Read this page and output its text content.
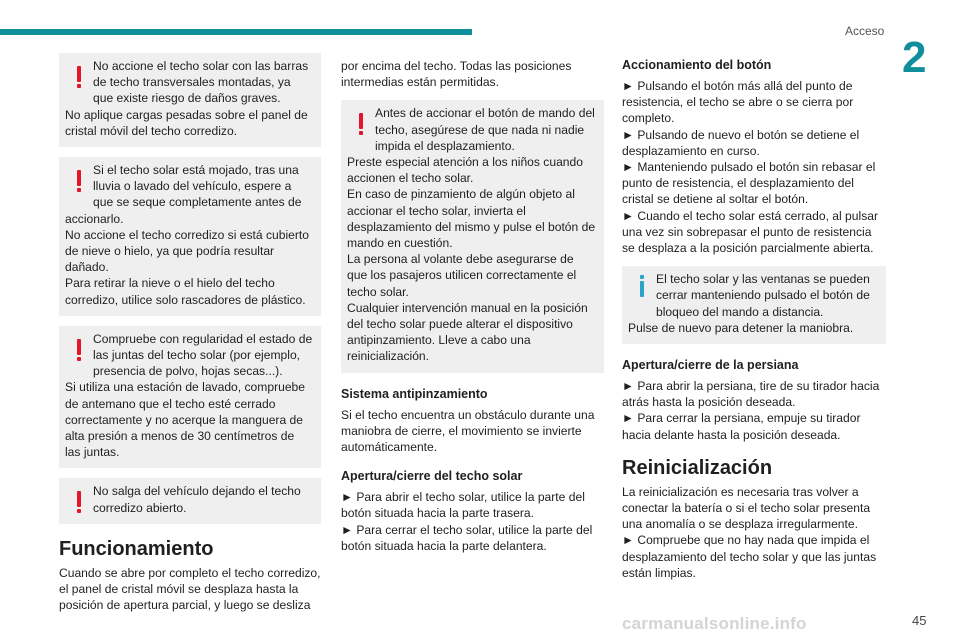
Acceso
2

No accione el techo solar con las barras de techo transversales montadas, ya que existe riesgo de daños graves.

No aplique cargas pesadas sobre el panel de cristal móvil del techo corredizo.

Si el techo solar está mojado, tras una lluvia o lavado del vehículo, espere a que se seque completamente antes de accionarlo.

No accione el techo corredizo si está cubierto de nieve o hielo, ya que podría resultar dañado.

Para retirar la nieve o el hielo del techo corredizo, utilice solo rascadores de plástico.

Compruebe con regularidad el estado de las juntas del techo solar (por ejemplo, presencia de polvo, hojas secas...).

Si utiliza una estación de lavado, compruebe de antemano que el techo esté cerrado correctamente y no acerque la manguera de alta presión a menos de 30 centímetros de las juntas.

No salga del vehículo dejando el techo corredizo abierto.

Funcionamiento

Cuando se abre por completo el techo corredizo, el panel de cristal móvil se desplaza hasta la posición de apertura parcial, y luego se desliza

por encima del techo. Todas las posiciones intermedias están permitidas.

Antes de accionar el botón de mando del techo, asegúrese de que nada ni nadie impida el desplazamiento.

Preste especial atención a los niños cuando accionen el techo solar.

En caso de pinzamiento de algún objeto al accionar el techo solar, invierta el desplazamiento del mismo y pulse el botón de mando en cuestión.

La persona al volante debe asegurarse de que los pasajeros utilicen correctamente el techo solar.

Cualquier intervención manual en la posición del techo solar puede alterar el dispositivo antipinzamiento. Lleve a cabo una reinicialización.

Sistema antipinzamiento

Si el techo encuentra un obstáculo durante una maniobra de cierre, el movimiento se invierte automáticamente.

Apertura/cierre del techo solar

► Para abrir el techo solar, utilice la parte del botón situada hacia la parte trasera.

► Para cerrar el techo solar, utilice la parte del botón situada hacia la parte delantera.

Accionamiento del botón

► Pulsando el botón más allá del punto de resistencia, el techo se abre o se cierra por completo.

► Pulsando de nuevo el botón se detiene el desplazamiento en curso.

► Manteniendo pulsado el botón sin rebasar el punto de resistencia, el desplazamiento del cristal se detiene al soltar el botón.

► Cuando el techo solar está cerrado, al pulsar una vez sin sobrepasar el punto de resistencia se desplaza a la posición parcialmente abierta.

El techo solar y las ventanas se pueden cerrar manteniendo pulsado el botón de bloqueo del mando a distancia.

Pulse de nuevo para detener la maniobra.

Apertura/cierre de la persiana

► Para abrir la persiana, tire de su tirador hacia atrás hasta la posición deseada.

► Para cerrar la persiana, empuje su tirador hacia delante hasta la posición deseada.

Reinicialización

La reinicialización es necesaria tras volver a conectar la batería o si el techo solar presenta una anomalía o se desplaza irregularmente.

► Compruebe que no hay nada que impida el desplazamiento del techo solar y que las juntas están limpias.

carmanualsonline.info	45
